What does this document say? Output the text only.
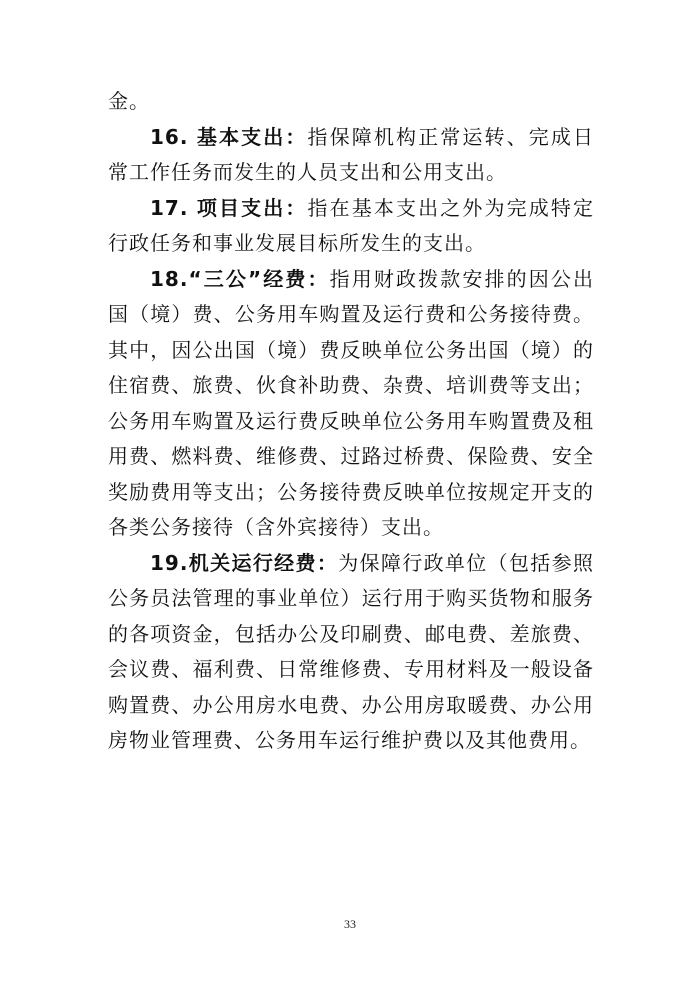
金。

16. 基本支出：指保障机构正常运转、完成日常工作任务而发生的人员支出和公用支出。

17. 项目支出：指在基本支出之外为完成特定行政任务和事业发展目标所发生的支出。

18.“三公”经费：指用财政拨款安排的因公出国（境）费、公务用车购置及运行费和公务接待费。其中，因公出国（境）费反映单位公务出国（境）的住宿费、旅费、伙食补助费、杂费、培训费等支出；公务用车购置及运行费反映单位公务用车购置费及租用费、燃料费、维修费、过路过桥费、保险费、安全奖励费用等支出；公务接待费反映单位按规定开支的各类公务接待（含外宾接待）支出。

19.机关运行经费：为保障行政单位（包括参照公务员法管理的事业单位）运行用于购买货物和服务的各项资金，包括办公及印刷费、邮电费、差旅费、会议费、福利费、日常维修费、专用材料及一般设备购置费、办公用房水电费、办公用房取暖费、办公用房物业管理费、公务用车运行维护费以及其他费用。

33
